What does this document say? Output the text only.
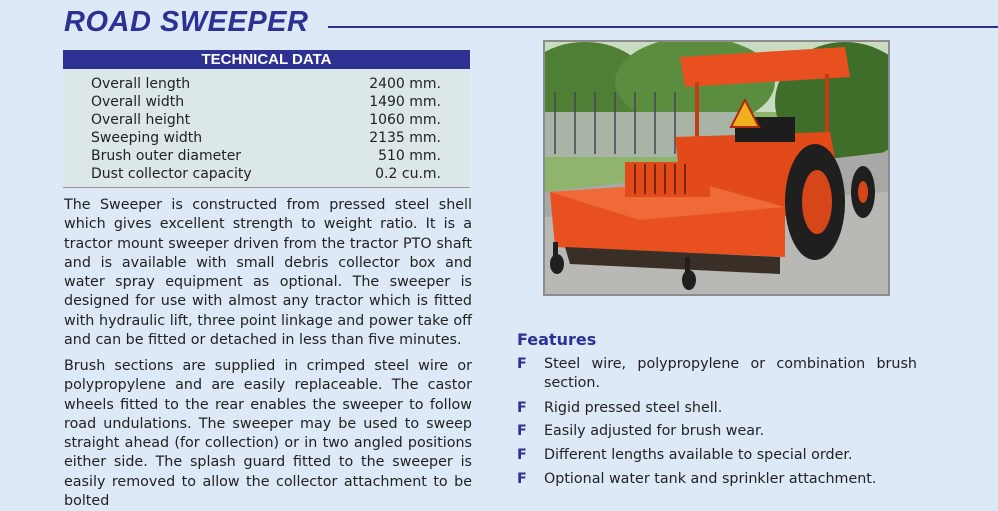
ROAD SWEEPER
TECHNICAL DATA
Overall length	2400 mm.
Overall width	1490 mm.
Overall height	1060 mm.
Sweeping width	2135 mm.
Brush outer diameter	510 mm.
Dust collector capacity	0.2 cu.m.
The Sweeper is constructed from pressed steel shell which gives excellent strength to weight ratio. It is a tractor mount sweeper driven from the tractor PTO shaft and is available with small debris collector box and water spray equipment as optional. The sweeper is designed for use with almost any tractor which is fitted with hydraulic lift, three point linkage and power take off and can be fitted or detached in less than five minutes.
Brush sections are supplied in crimped steel wire or polypropylene and are easily replaceable. The castor wheels fitted to the rear enables the sweeper to follow road undulations. The sweeper may be used to sweep straight ahead (for collection) or in two angled positions either side. The splash guard fitted to the sweeper is easily removed to allow the collector attachment to be bolted
Features
F Steel wire, polypropylene or combination brush section.
F Rigid pressed steel shell.
F Easily adjusted for brush wear.
F Different lengths available to special order.
F Optional water tank and sprinkler attachment.
